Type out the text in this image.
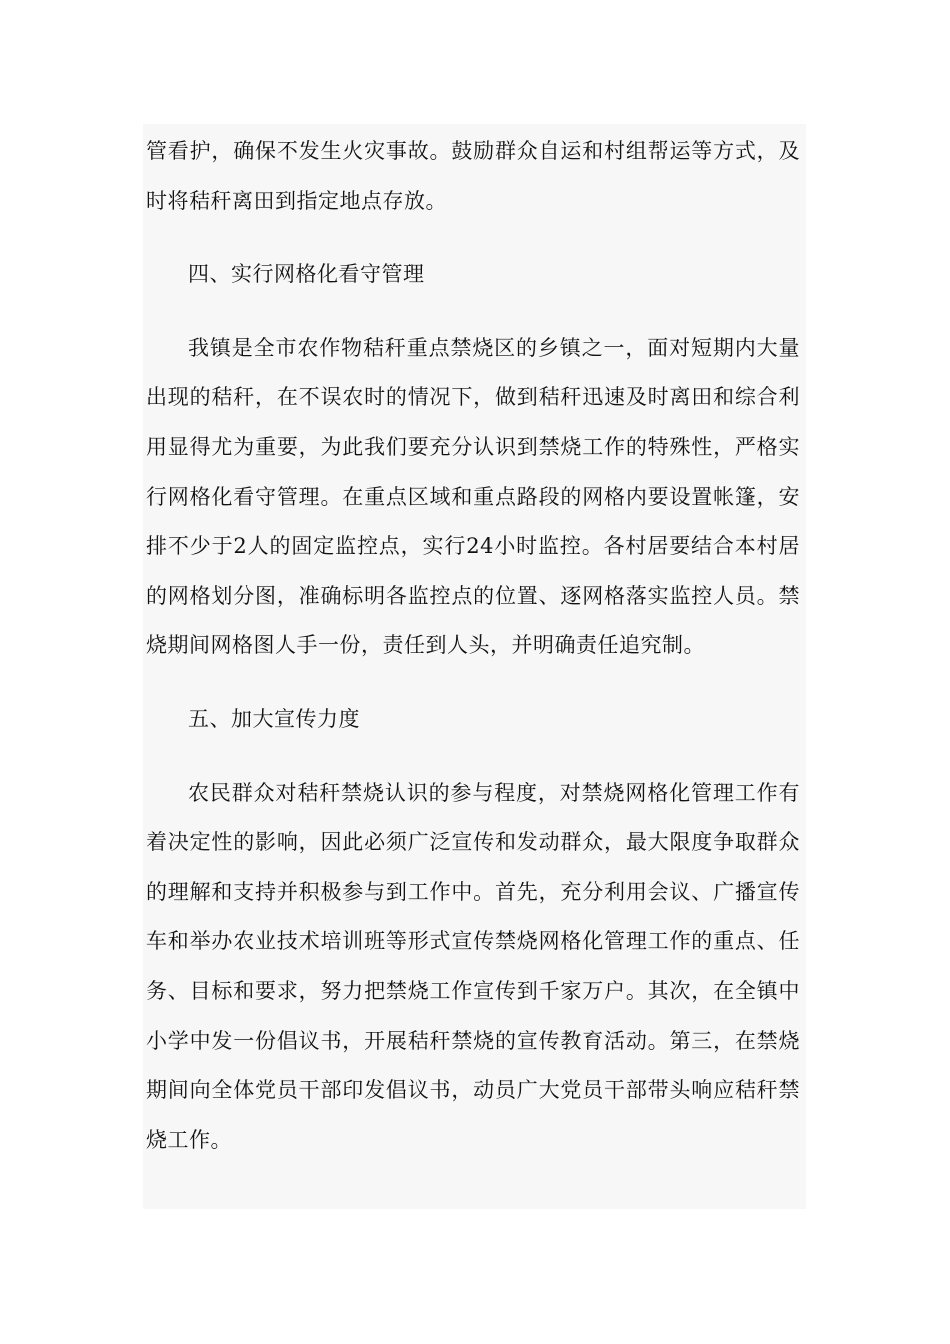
管看护，确保不发生火灾事故。鼓励群众自运和村组帮运等方式，及时将秸秆离田到指定地点存放。

四、实行网格化看守管理

我镇是全市农作物秸秆重点禁烧区的乡镇之一，面对短期内大量出现的秸秆，在不误农时的情况下，做到秸秆迅速及时离田和综合利用显得尤为重要，为此我们要充分认识到禁烧工作的特殊性，严格实行网格化看守管理。在重点区域和重点路段的网格内要设置帐篷，安排不少于2人的固定监控点，实行24小时监控。各村居要结合本村居的网格划分图，准确标明各监控点的位置、逐网格落实监控人员。禁烧期间网格图人手一份，责任到人头，并明确责任追究制。

五、加大宣传力度

农民群众对秸秆禁烧认识的参与程度，对禁烧网格化管理工作有着决定性的影响，因此必须广泛宣传和发动群众，最大限度争取群众的理解和支持并积极参与到工作中。首先，充分利用会议、广播宣传车和举办农业技术培训班等形式宣传禁烧网格化管理工作的重点、任务、目标和要求，努力把禁烧工作宣传到千家万户。其次，在全镇中小学中发一份倡议书，开展秸秆禁烧的宣传教育活动。第三，在禁烧期间向全体党员干部印发倡议书，动员广大党员干部带头响应秸秆禁烧工作。
